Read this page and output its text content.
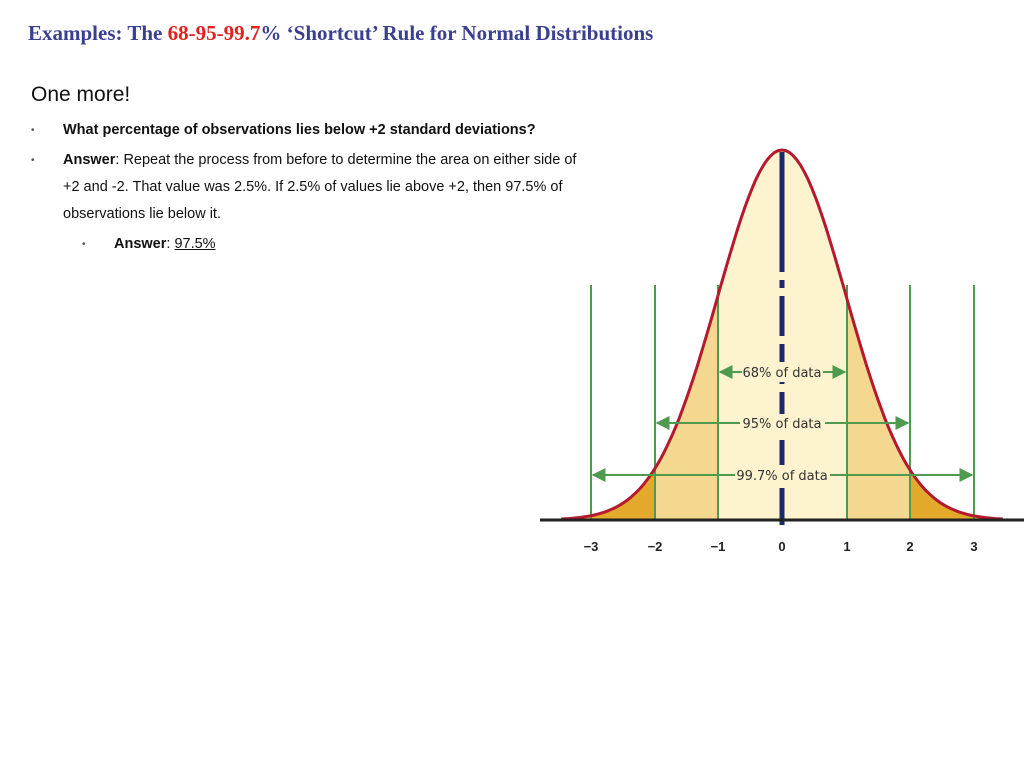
Examples: The 68-95-99.7% ‘Shortcut’ Rule for Normal Distributions
One more!
• What percentage of observations lies below +2 standard deviations?
• Answer: Repeat the process from before to determine the area on either side of +2 and -2. That value was 2.5%. If 2.5% of values lie above +2, then 97.5% of observations lie below it.
• Answer: 97.5%
68% of data
95% of data
99.7% of data
−3	−2	−1	0	1	2	3
